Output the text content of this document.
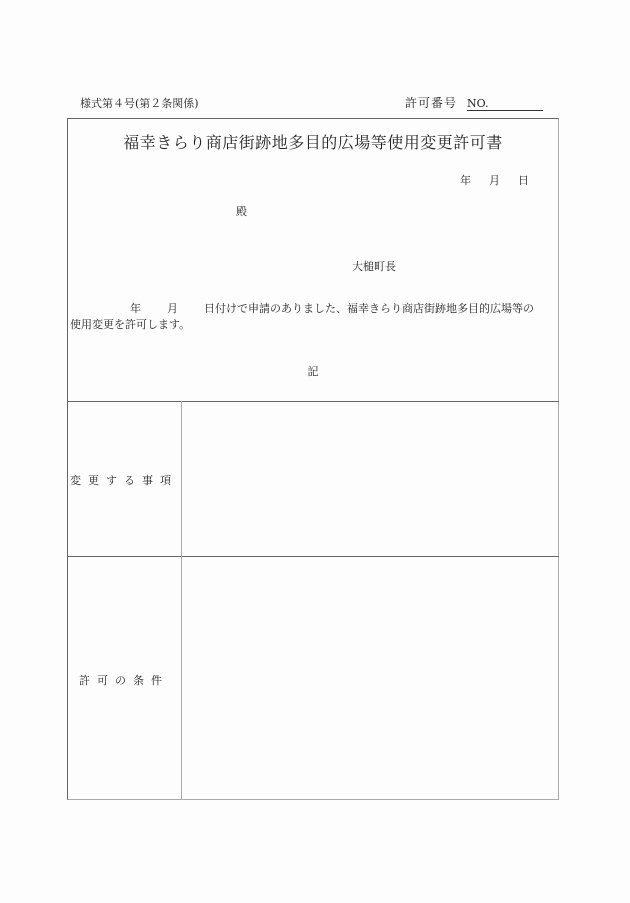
様式第４号(第２条関係)	許可番号 NO.
福幸きらり商店街跡地多目的広場等使用変更許可書
年 月 日
殿
大槌町長
年 月 日付けで申請のありました、福幸きらり商店街跡地多目的広場等の
使用変更を許可します。
記
変更する事項
許可の条件
